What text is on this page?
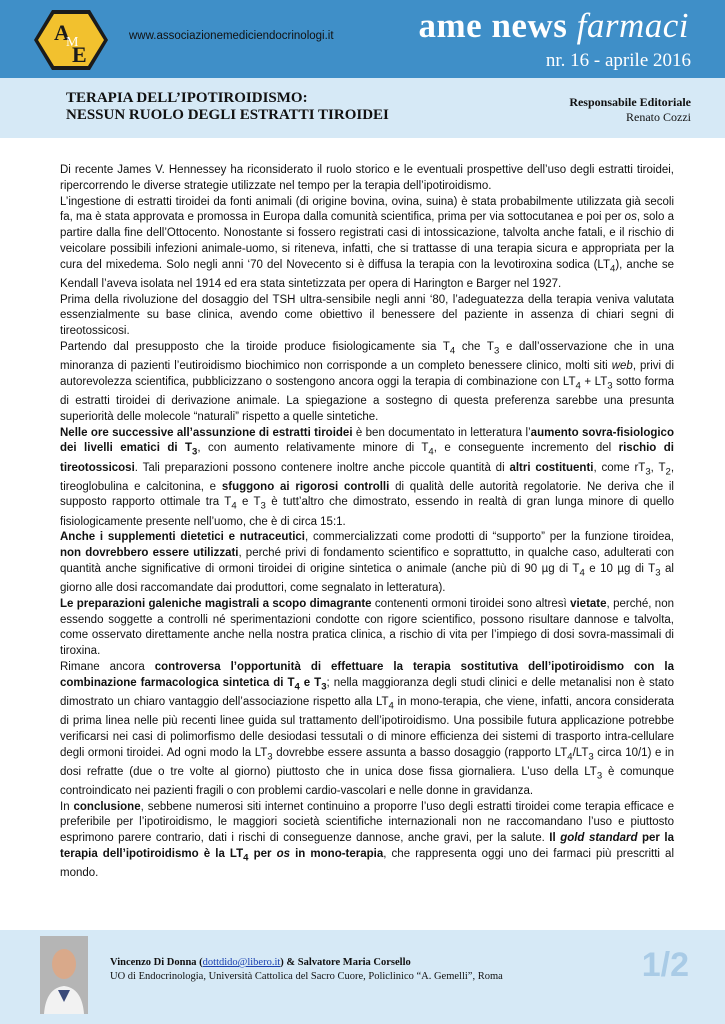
A
M
E
www.associazionemediciendocrinologi.it ame news farmaci
nr. 16 - aprile 2016
TERAPIA DELL’IPOTIROIDISMO:
NESSUN RUOLO DEGLI ESTRATTI TIROIDEI
Responsabile Editoriale
Renato Cozzi

Di recente James V. Hennessey ha riconsiderato il ruolo storico e le eventuali prospettive dell’uso degli estratti tiroidei, ripercorrendo le diverse strategie utilizzate nel tempo per la terapia dell’ipotiroidismo.

L’ingestione di estratti tiroidei da fonti animali (di origine bovina, ovina, suina) è stata probabilmente utilizzata già secoli fa, ma è stata approvata e promossa in Europa dalla comunità scientifica, prima per via sottocutanea e poi per os, solo a partire dalla fine dell’Ottocento. Nonostante si fossero registrati casi di intossicazione, talvolta anche fatali, e il rischio di veicolare possibili infezioni animale-uomo, si riteneva, infatti, che si trattasse di una terapia sicura e appropriata per la cura del mixedema. Solo negli anni ‘70 del Novecento si è diffusa la terapia con la levotiroxina sodica $(LT_4)$, anche se Kendall l’aveva isolata nel 1914 ed era stata sintetizzata per opera di Harington e Barger nel 1927.

Prima della rivoluzione del dosaggio del TSH ultra-sensibile negli anni ‘80, l’adeguatezza della terapia veniva valutata essenzialmente su base clinica, avendo come obiettivo il benessere del paziente in assenza di chiari segni di tireotossicosi.

Partendo dal presupposto che la tiroide produce fisiologicamente sia $T_4$ che $T_3$ e dall’osservazione che in una minoranza di pazienti l’eutiroidismo biochimico non corrisponde a un completo benessere clinico, molti siti web, privi di autorevolezza scientifica, pubblicizzano o sostengono ancora oggi la terapia di combinazione con $LT_4 + LT_3$ sotto forma di estratti tiroidei di derivazione animale. La spiegazione a sostegno di questa preferenza sarebbe una presunta superiorità delle molecole “naturali” rispetto a quelle sintetiche.

Nelle ore successive all’assunzione di estratti tiroidei è ben documentato in letteratura l’aumento sovra-fisiologico dei livelli ematici di $T_3$, con aumento relativamente minore di $T_4$, e conseguente incremento del rischio di tireotossicosi. Tali preparazioni possono contenere inoltre anche piccole quantità di altri costituenti, come $rT_3$, $T_2$, tireoglobulina e calcitonina, e sfuggono ai rigorosi controlli di qualità delle autorità regolatorie. Ne deriva che il supposto rapporto ottimale tra $T_4$ e $T_3$ è tutt’altro che dimostrato, essendo in realtà di gran lunga minore di quello fisiologicamente presente nell’uomo, che è di circa 15:1.

Anche i supplementi dietetici e nutraceutici, commercializzati come prodotti di “supporto” per la funzione tiroidea, non dovrebbero essere utilizzati, perché privi di fondamento scientifico e soprattutto, in qualche caso, adulterati con quantità anche significative di ormoni tiroidei di origine sintetica o animale (anche più di 90 µg di $T_4$ e 10 µg di $T_3$ al giorno alle dosi raccomandate dai produttori, come segnalato in letteratura).

Le preparazioni galeniche magistrali a scopo dimagrante contenenti ormoni tiroidei sono altresì vietate, perché, non essendo soggette a controlli né sperimentazioni condotte con rigore scientifico, possono risultare dannose e talvolta, come osservato direttamente anche nella nostra pratica clinica, a rischio di vita per l’impiego di dosi sovra-massimali di tiroxina.

Rimane ancora controversa l’opportunità di effettuare la terapia sostitutiva dell’ipotiroidismo con la combinazione farmacologica sintetica di $T_4$ e $T_3$; nella maggioranza degli studi clinici e delle metanalisi non è stato dimostrato un chiaro vantaggio dell’associazione rispetto alla $LT_4$ in mono-terapia, che viene, infatti, ancora considerata di prima linea nelle più recenti linee guida sul trattamento dell’ipotiroidismo. Una possibile futura applicazione potrebbe verificarsi nei casi di polimorfismo delle desiodasi tessutali o di minore efficienza dei sistemi di trasporto intra-cellulare degli ormoni tiroidei. Ad ogni modo la $LT_3$ dovrebbe essere assunta a basso dosaggio (rapporto $LT_4/LT_3$ circa 10/1) e in dosi refratte (due o tre volte al giorno) piuttosto che in unica dose fissa giornaliera. L’uso della $LT_3$ è comunque controindicato nei pazienti fragili o con problemi cardio-vascolari e nelle donne in gravidanza.

In conclusione, sebbene numerosi siti internet continuino a proporre l’uso degli estratti tiroidei come terapia efficace e preferibile per l’ipotiroidismo, le maggiori società scientifiche internazionali non ne raccomandano l’uso e piuttosto esprimono parere contrario, dati i rischi di conseguenze dannose, anche gravi, per la salute. Il gold standard per la terapia dell’ipotiroidismo è la $LT_4$ per os in mono-terapia, che rappresenta oggi uno dei farmaci più prescritti al mondo.

Vincenzo Di Donna (dottdido@libero.it) & Salvatore Maria Corsello
UO di Endocrinologia, Università Cattolica del Sacro Cuore, Policlinico “A. Gemelli”, Roma	1/2
